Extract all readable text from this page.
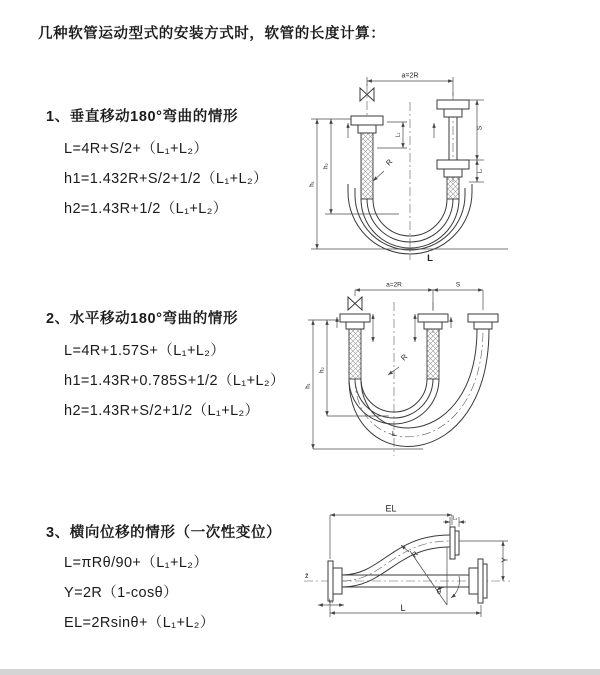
几种软管运动型式的安装方式时，软管的长度计算：
1、垂直移动180°弯曲的情形
L=4R+S/2+（L₁+L₂）
h1=1.432R+S/2+1/2（L₁+L₂）
h2=1.43R+1/2（L₁+L₂）
2、水平移动180°弯曲的情形
L=4R+1.57S+（L₁+L₂）
h1=1.43R+0.785S+1/2（L₁+L₂）
h2=1.43R+S/2+1/2（L₁+L₂）
3、横向位移的情形（一次性变位）
L=πRθ/90+（L₁+L₂）
Y=2R（1-cosθ）
EL=2Rsinθ+（L₁+L₂）
a=2R
L₁
h₁
h₂
S
L₂
R
L
a=2R	S
h₁
h₂
R
L
z̄
EL
L₂
Y
R
θ
L
L₁
